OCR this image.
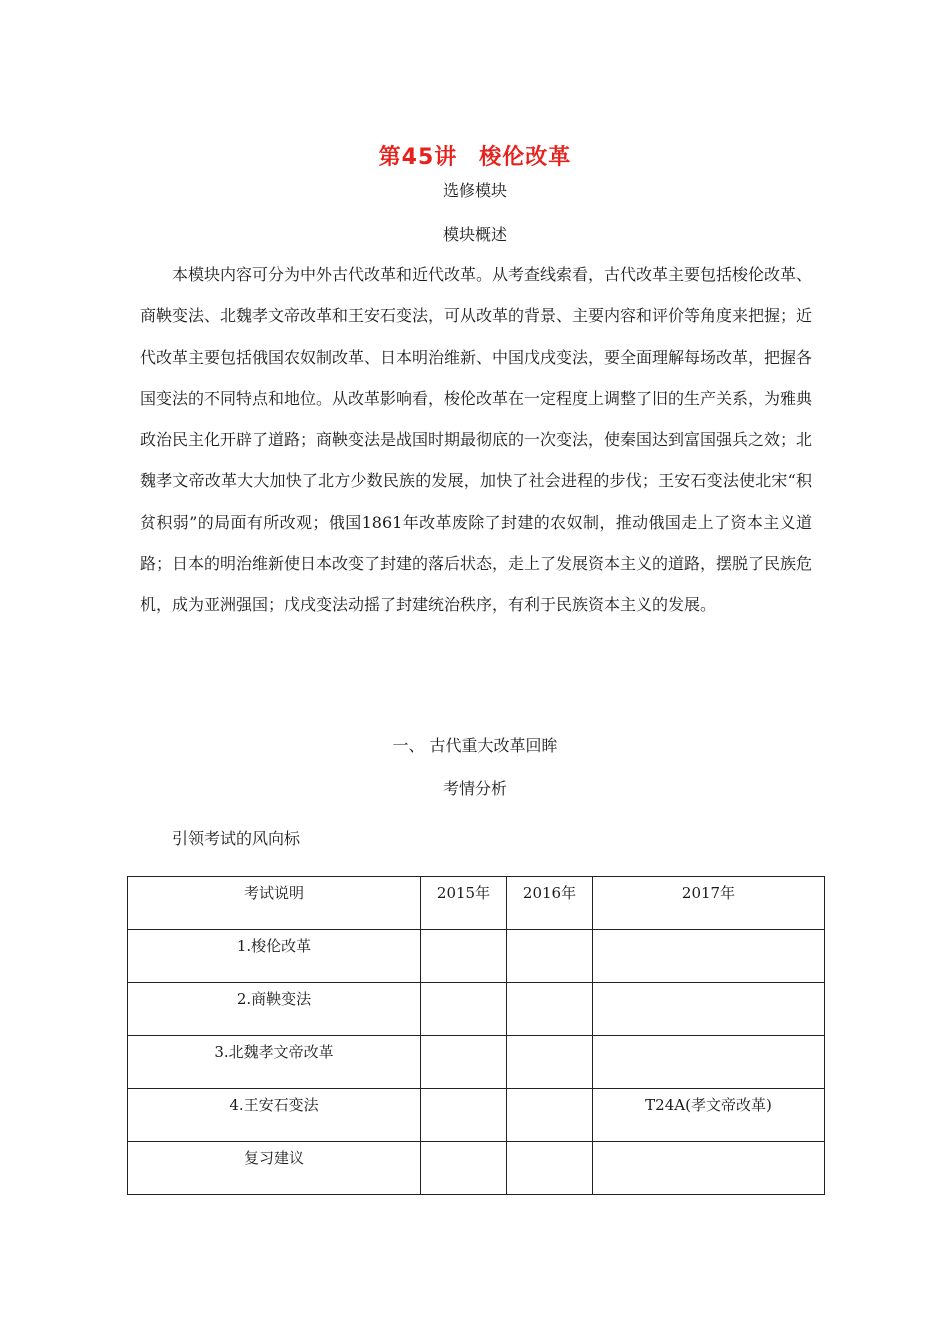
第45讲 梭伦改革
选修模块
模块概述

本模块内容可分为中外古代改革和近代改革。从考查线索看，古代改革主要包括梭伦改革、商鞅变法、北魏孝文帝改革和王安石变法，可从改革的背景、主要内容和评价等角度来把握；近代改革主要包括俄国农奴制改革、日本明治维新、中国戊戌变法，要全面理解每场改革，把握各国变法的不同特点和地位。从改革影响看，梭伦改革在一定程度上调整了旧的生产关系，为雅典政治民主化开辟了道路；商鞅变法是战国时期最彻底的一次变法，使秦国达到富国强兵之效；北魏孝文帝改革大大加快了北方少数民族的发展，加快了社会进程的步伐；王安石变法使北宋“积贫积弱”的局面有所改观；俄国1861年改革废除了封建的农奴制，推动俄国走上了资本主义道路；日本的明治维新使日本改变了封建的落后状态，走上了发展资本主义的道路，摆脱了民族危机，成为亚洲强国；戊戌变法动摇了封建统治秩序，有利于民族资本主义的发展。

一、 古代重大改革回眸
考情分析
引领考试的风向标
考试说明	2015年	2016年	2017年
1.梭伦改革			
2.商鞅变法			
3.北魏孝文帝改革			
4.王安石变法			T24A(孝文帝改革)
复习建议			
